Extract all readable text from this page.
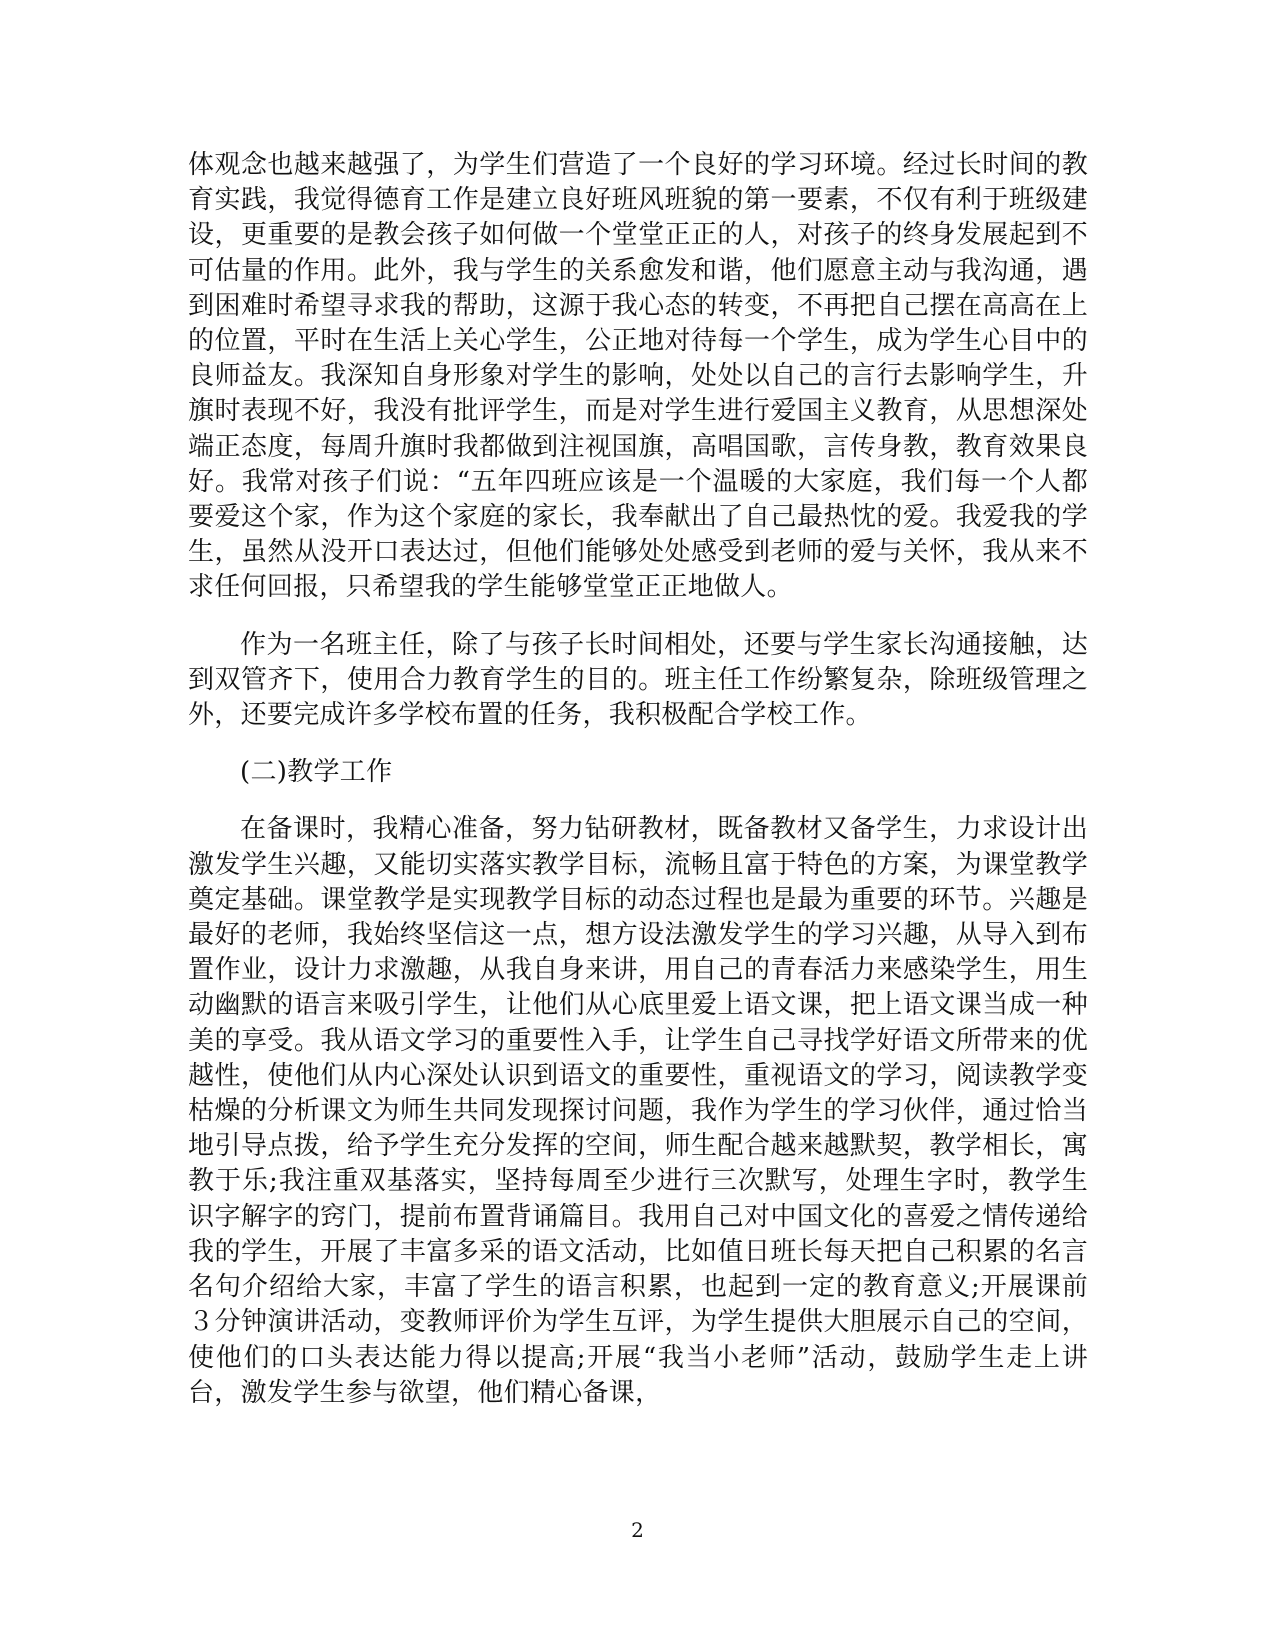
体观念也越来越强了，为学生们营造了一个良好的学习环境。经过长时间的教育实践，我觉得德育工作是建立良好班风班貌的第一要素，不仅有利于班级建设，更重要的是教会孩子如何做一个堂堂正正的人，对孩子的终身发展起到不可估量的作用。此外，我与学生的关系愈发和谐，他们愿意主动与我沟通，遇到困难时希望寻求我的帮助，这源于我心态的转变，不再把自己摆在高高在上的位置，平时在生活上关心学生，公正地对待每一个学生，成为学生心目中的良师益友。我深知自身形象对学生的影响，处处以自己的言行去影响学生，升旗时表现不好，我没有批评学生，而是对学生进行爱国主义教育，从思想深处端正态度，每周升旗时我都做到注视国旗，高唱国歌，言传身教，教育效果良好。我常对孩子们说：“五年四班应该是一个温暖的大家庭，我们每一个人都要爱这个家，作为这个家庭的家长，我奉献出了自己最热忱的爱。我爱我的学生，虽然从没开口表达过，但他们能够处处感受到老师的爱与关怀，我从来不求任何回报，只希望我的学生能够堂堂正正地做人。

作为一名班主任，除了与孩子长时间相处，还要与学生家长沟通接触，达到双管齐下，使用合力教育学生的目的。班主任工作纷繁复杂，除班级管理之外，还要完成许多学校布置的任务，我积极配合学校工作。

(二)教学工作

在备课时，我精心准备，努力钻研教材，既备教材又备学生，力求设计出激发学生兴趣，又能切实落实教学目标，流畅且富于特色的方案，为课堂教学奠定基础。课堂教学是实现教学目标的动态过程也是最为重要的环节。兴趣是最好的老师，我始终坚信这一点，想方设法激发学生的学习兴趣，从导入到布置作业，设计力求激趣，从我自身来讲，用自己的青春活力来感染学生，用生动幽默的语言来吸引学生，让他们从心底里爱上语文课，把上语文课当成一种美的享受。我从语文学习的重要性入手，让学生自己寻找学好语文所带来的优越性，使他们从内心深处认识到语文的重要性，重视语文的学习，阅读教学变枯燥的分析课文为师生共同发现探讨问题，我作为学生的学习伙伴，通过恰当地引导点拨，给予学生充分发挥的空间，师生配合越来越默契，教学相长，寓教于乐;我注重双基落实，坚持每周至少进行三次默写，处理生字时，教学生识字解字的窍门，提前布置背诵篇目。我用自己对中国文化的喜爱之情传递给我的学生，开展了丰富多采的语文活动，比如值日班长每天把自己积累的名言名句介绍给大家，丰富了学生的语言积累，也起到一定的教育意义;开展课前３分钟演讲活动，变教师评价为学生互评，为学生提供大胆展示自己的空间，使他们的口头表达能力得以提高;开展“我当小老师”活动，鼓励学生走上讲台，激发学生参与欲望，他们精心备课，

2
